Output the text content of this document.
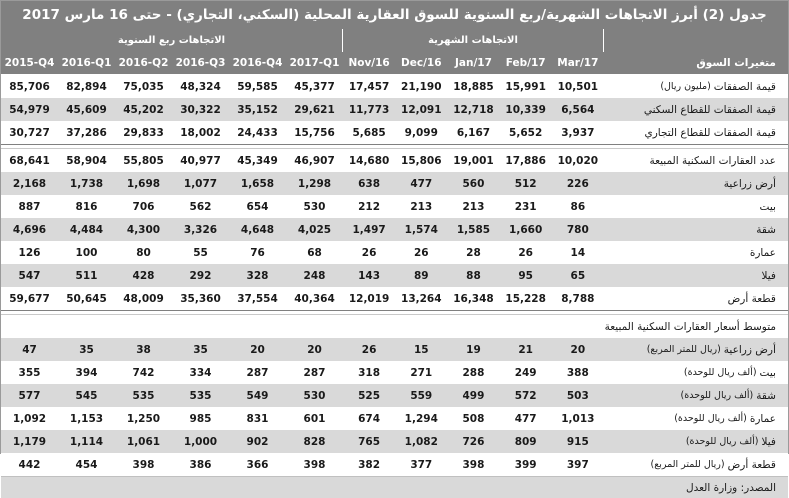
جدول (2) أبرز الاتجاهات الشهرية/ربع السنوية للسوق العقارية المحلية (السكني، التجاري) - حتى 16 مارس 2017
الاتجاهات ربع السنوية	الاتجاهات الشهرية
2015-Q4 2016-Q1 2016-Q2 2016-Q3 2016-Q4 2017-Q1 Nov/16	Dec/16	Jan/17	Feb/17	Mar/17	متغيرات السوق
85,706	82,894	75,035	48,324	59,585	45,377	17,457	21,190	18,885	15,991	10,501	قيمة الصفقات
(مليون ريال)
54,979	45,609	45,202	30,322	35,152	29,621	11,773	12,091	12,718	10,339	6,564	قيمة الصفقات للقطاع السكني
30,727	37,286	29,833	18,002	24,433	15,756	5,685	9,099	6,167	5,652	3,937	قيمة الصفقات للقطاع التجاري
68,641	58,904	55,805	40,977	45,349	46,907	14,680	15,806	19,001	17,886	10,020	عدد العقارات السكنية المبيعة
2,168	1,738	1,698	1,077	1,658	1,298	638	477	560	512	226	أرض زراعية
887	816	706	562	654	530	212	213	213	231	86	بيت
4,696	4,484	4,300	3,326	4,648	4,025	1,497	1,574	1,585	1,660	780	شقة
126	100	80	55	76	68	26	26	28	26	14	عمارة
547	511	428	292	328	248	143	89	88	95	65	فيلا
59,677	50,645	48,009	35,360	37,554	40,364	12,019	13,264	16,348	15,228	8,788	قطعة أرض
متوسط أسعار العقارات السكنية المبيعة
47	35	38	35	20	20	26	15	19	21	20	أرض زراعية
(ريال للمتر المربع)
355	394	742	334	287	287	318	271	288	249	388	بيت
(ألف ريال للوحدة)
577	545	535	535	549	530	525	559	499	572	503	شقة
(ألف ريال للوحدة)
1,092	1,153	1,250	985	831	601	674	1,294	508	477	1,013	عمارة
(ألف ريال للوحدة)
1,179	1,114	1,061	1,000	902	828	765	1,082	726	809	915	فيلا
(ألف ريال للوحدة)
442	454	398	386	366	398	382	377	398	399	397	قطعة أرض
(ريال للمتر المربع)
المصدر: وزارة العدل
